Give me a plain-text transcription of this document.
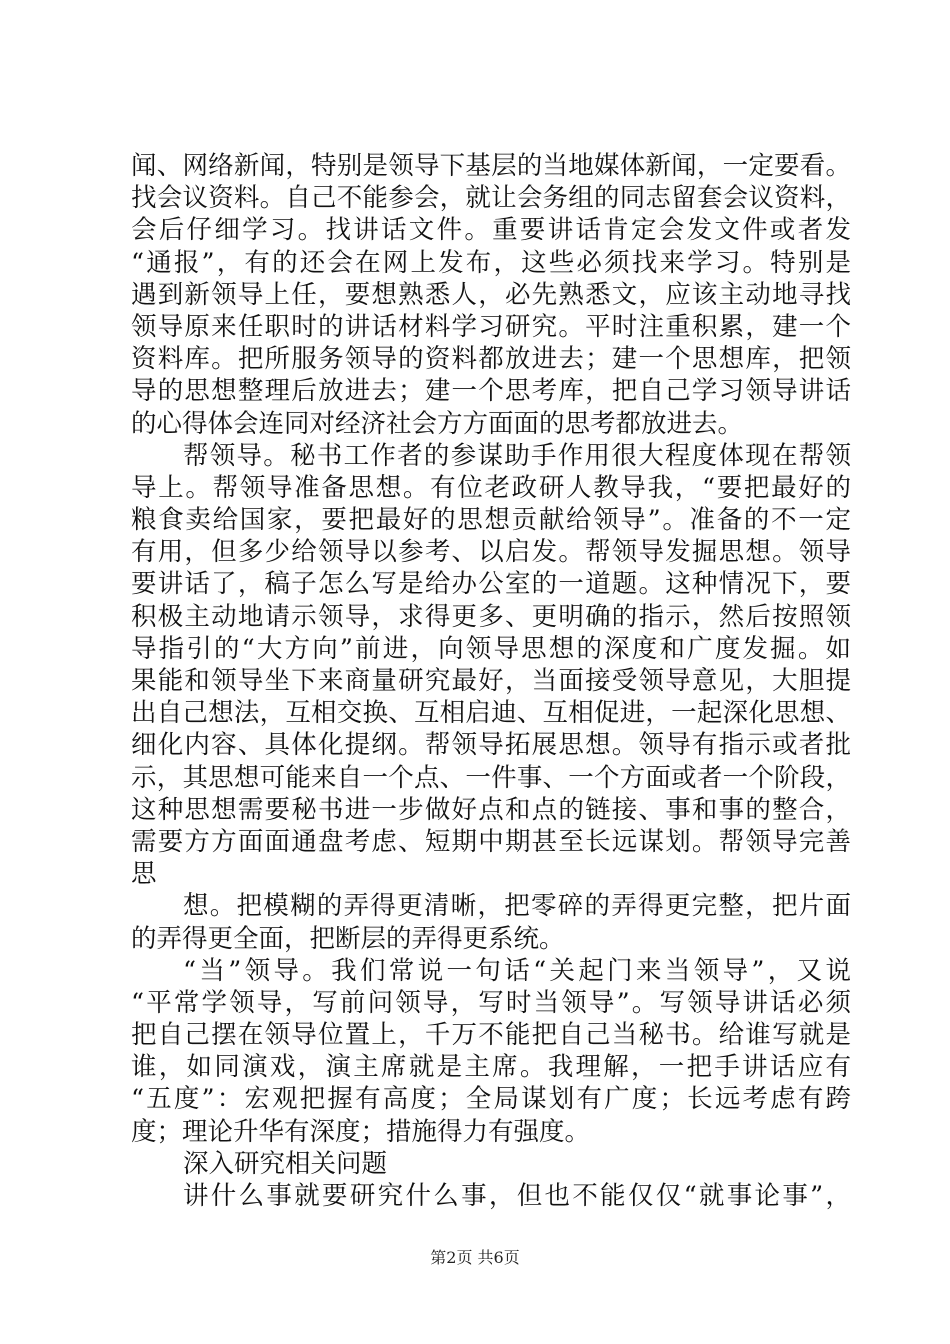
闻、网络新闻，特别是领导下基层的当地媒体新闻，一定要看。
找会议资料。自己不能参会，就让会务组的同志留套会议资料，
会后仔细学习。找讲话文件。重要讲话肯定会发文件或者发
“通报”，有的还会在网上发布，这些必须找来学习。特别是
遇到新领导上任，要想熟悉人，必先熟悉文，应该主动地寻找
领导原来任职时的讲话材料学习研究。平时注重积累，建一个
资料库。把所服务领导的资料都放进去；建一个思想库，把领
导的思想整理后放进去；建一个思考库，把自己学习领导讲话
的心得体会连同对经济社会方方面面的思考都放进去。
帮领导。秘书工作者的参谋助手作用很大程度体现在帮领
导上。帮领导准备思想。有位老政研人教导我，“要把最好的
粮食卖给国家，要把最好的思想贡献给领导”。准备的不一定
有用，但多少给领导以参考、以启发。帮领导发掘思想。领导
要讲话了，稿子怎么写是给办公室的一道题。这种情况下，要
积极主动地请示领导，求得更多、更明确的指示，然后按照领
导指引的“大方向”前进，向领导思想的深度和广度发掘。如
果能和领导坐下来商量研究最好，当面接受领导意见，大胆提
出自己想法，互相交换、互相启迪、互相促进，一起深化思想、
细化内容、具体化提纲。帮领导拓展思想。领导有指示或者批
示，其思想可能来自一个点、一件事、一个方面或者一个阶段，
这种思想需要秘书进一步做好点和点的链接、事和事的整合，
需要方方面面通盘考虑、短期中期甚至长远谋划。帮领导完善
思
想。把模糊的弄得更清晰，把零碎的弄得更完整，把片面
的弄得更全面，把断层的弄得更系统。
“当”领导。我们常说一句话“关起门来当领导”，又说
“平常学领导，写前问领导，写时当领导”。写领导讲话必须
把自己摆在领导位置上，千万不能把自己当秘书。给谁写就是
谁，如同演戏，演主席就是主席。我理解，一把手讲话应有
“五度”：宏观把握有高度；全局谋划有广度；长远考虑有跨
度；理论升华有深度；措施得力有强度。
深入研究相关问题
讲什么事就要研究什么事，但也不能仅仅“就事论事”，
第2页 共6页
